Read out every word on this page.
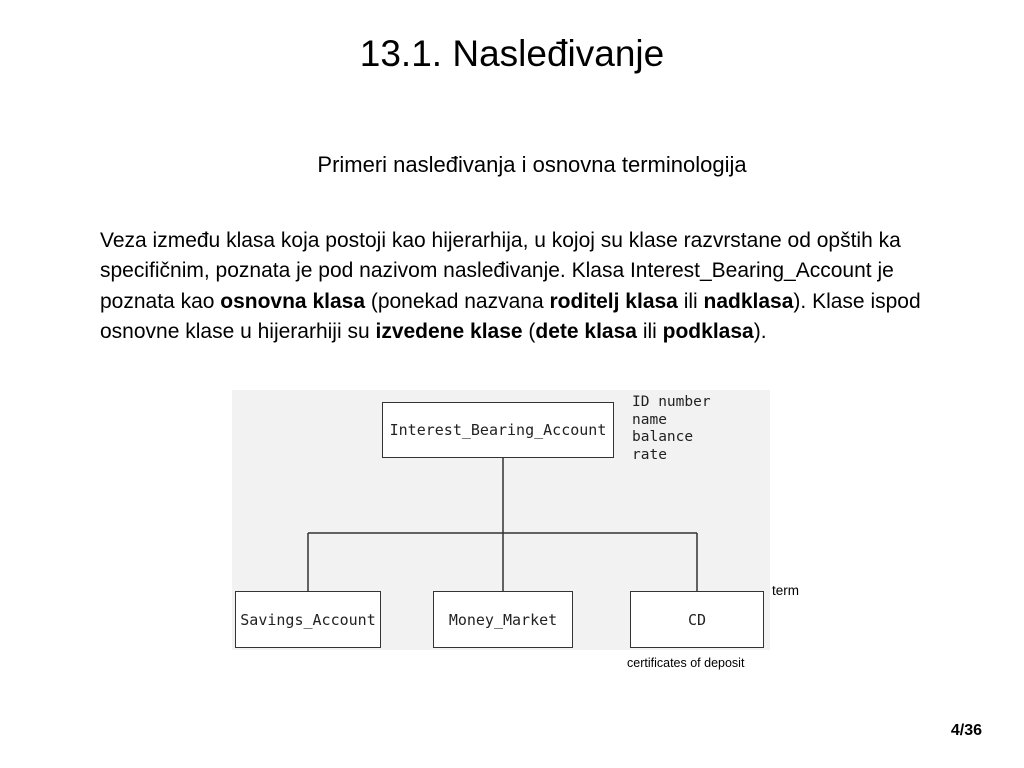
13.1. Nasleđivanje
Primeri nasleđivanja i osnovna terminologija

Veza između klasa koja postoji kao hijerarhija, u kojoj su klase razvrstane od opštih ka specifičnim, poznata je pod nazivom nasleđivanje. Klasa Interest_Bearing_Account je poznata kao osnovna klasa (ponekad nazvana roditelj klasa ili nadklasa). Klase ispod osnovne klase u hijerarhiji su izvedene klase (dete klasa ili podklasa).

Interest_Bearing_Account
ID number
name
balance
rate
Savings_Account	Money_Market	CD
term
certificates of deposit
4/36
